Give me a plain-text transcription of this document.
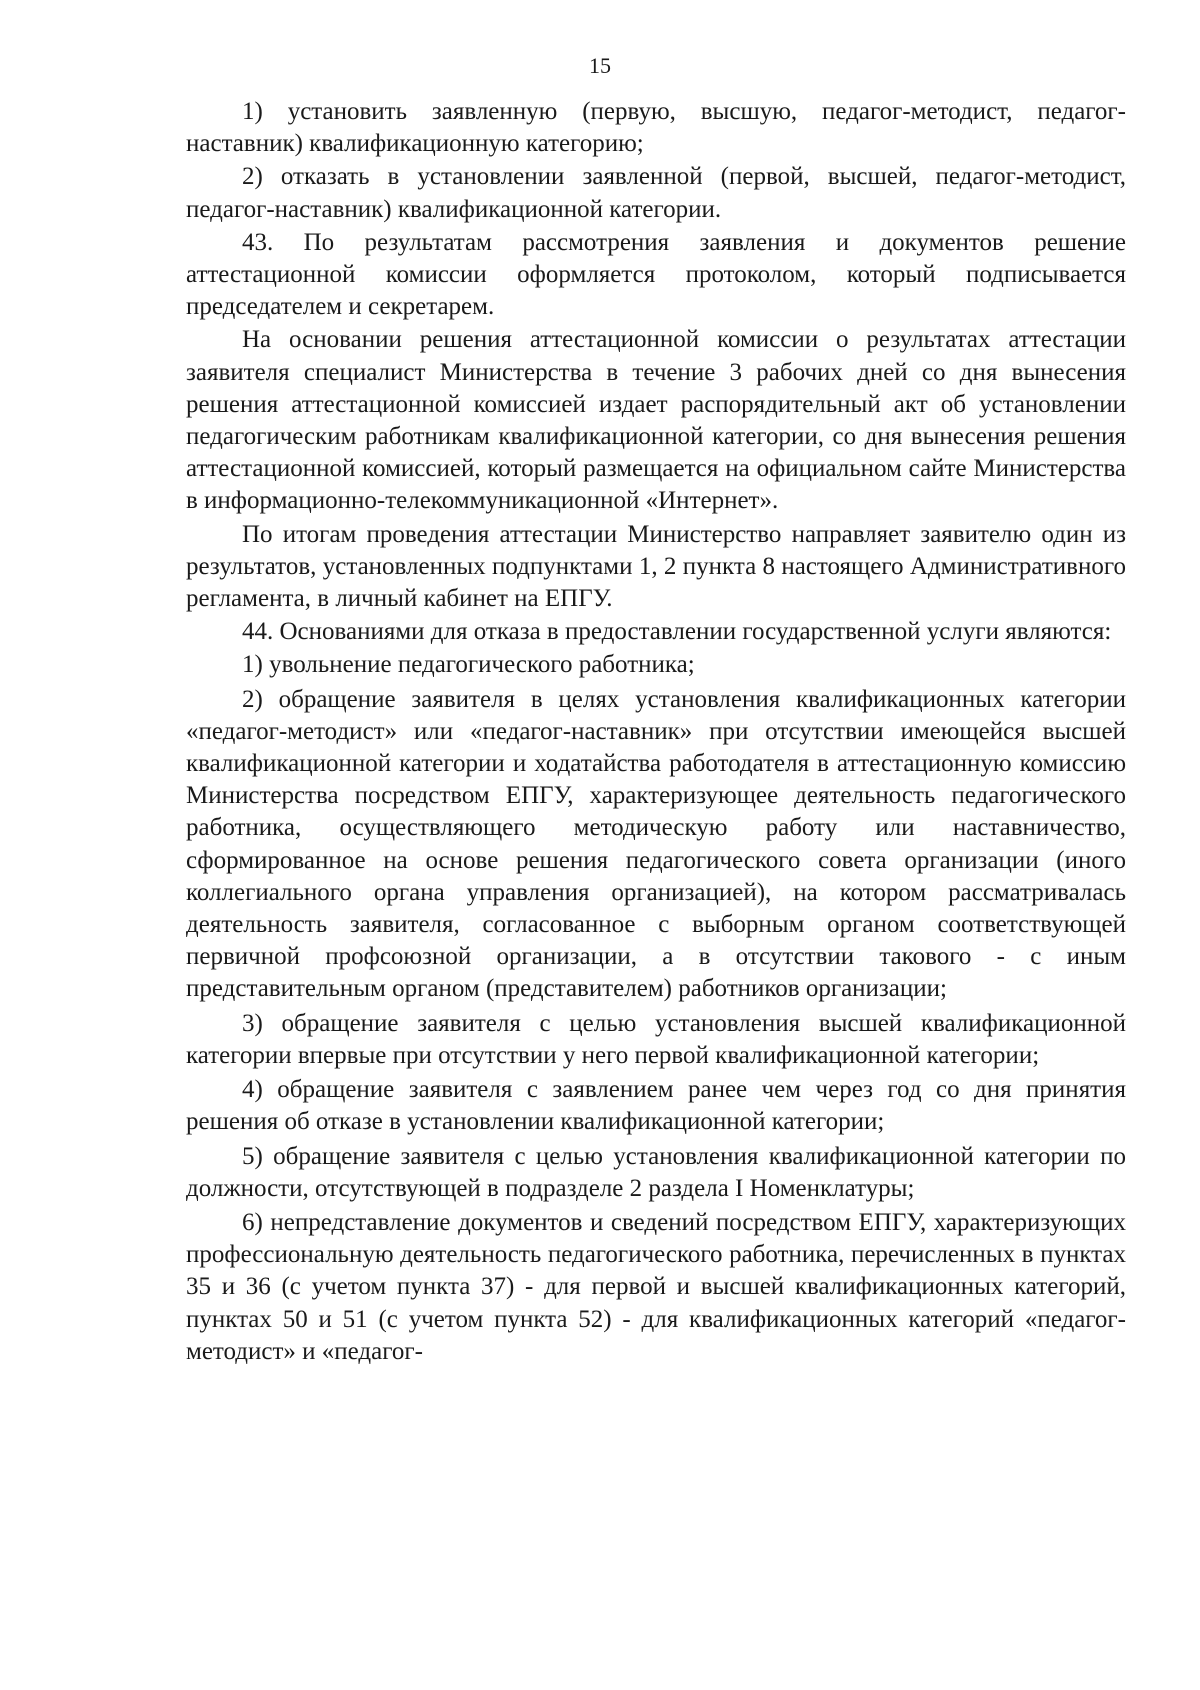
15

1) установить заявленную (первую, высшую, педагог-методист, педагог-наставник) квалификационную категорию;

2) отказать в установлении заявленной (первой, высшей, педагог-методист, педагог-наставник) квалификационной категории.

43. По результатам рассмотрения заявления и документов решение аттестационной комиссии оформляется протоколом, который подписывается председателем и секретарем.

На основании решения аттестационной комиссии о результатах аттестации заявителя специалист Министерства в течение 3 рабочих дней со дня вынесения решения аттестационной комиссией издает распорядительный акт об установлении педагогическим работникам квалификационной категории, со дня вынесения решения аттестационной комиссией, который размещается на официальном сайте Министерства в информационно-телекоммуникационной «Интернет».

По итогам проведения аттестации Министерство направляет заявителю один из результатов, установленных подпунктами 1, 2 пункта 8 настоящего Административного регламента, в личный кабинет на ЕПГУ.

44. Основаниями для отказа в предоставлении государственной услуги являются:

1) увольнение педагогического работника;

2) обращение заявителя в целях установления квалификационных категории «педагог-методист» или «педагог-наставник» при отсутствии имеющейся высшей квалификационной категории и ходатайства работодателя в аттестационную комиссию Министерства посредством ЕПГУ, характеризующее деятельность педагогического работника, осуществляющего методическую работу или наставничество, сформированное на основе решения педагогического совета организации (иного коллегиального органа управления организацией), на котором рассматривалась деятельность заявителя, согласованное с выборным органом соответствующей первичной профсоюзной организации, а в отсутствии такового - с иным представительным органом (представителем) работников организации;

3) обращение заявителя с целью установления высшей квалификационной категории впервые при отсутствии у него первой квалификационной категории;

4) обращение заявителя с заявлением ранее чем через год со дня принятия решения об отказе в установлении квалификационной категории;

5) обращение заявителя с целью установления квалификационной категории по должности, отсутствующей в подразделе 2 раздела I Номенклатуры;

6) непредставление документов и сведений посредством ЕПГУ, характеризующих профессиональную деятельность педагогического работника, перечисленных в пунктах 35 и 36 (с учетом пункта 37) - для первой и высшей квалификационных категорий, пунктах 50 и 51 (с учетом пункта 52) - для квалификационных категорий «педагог-методист» и «педагог-
